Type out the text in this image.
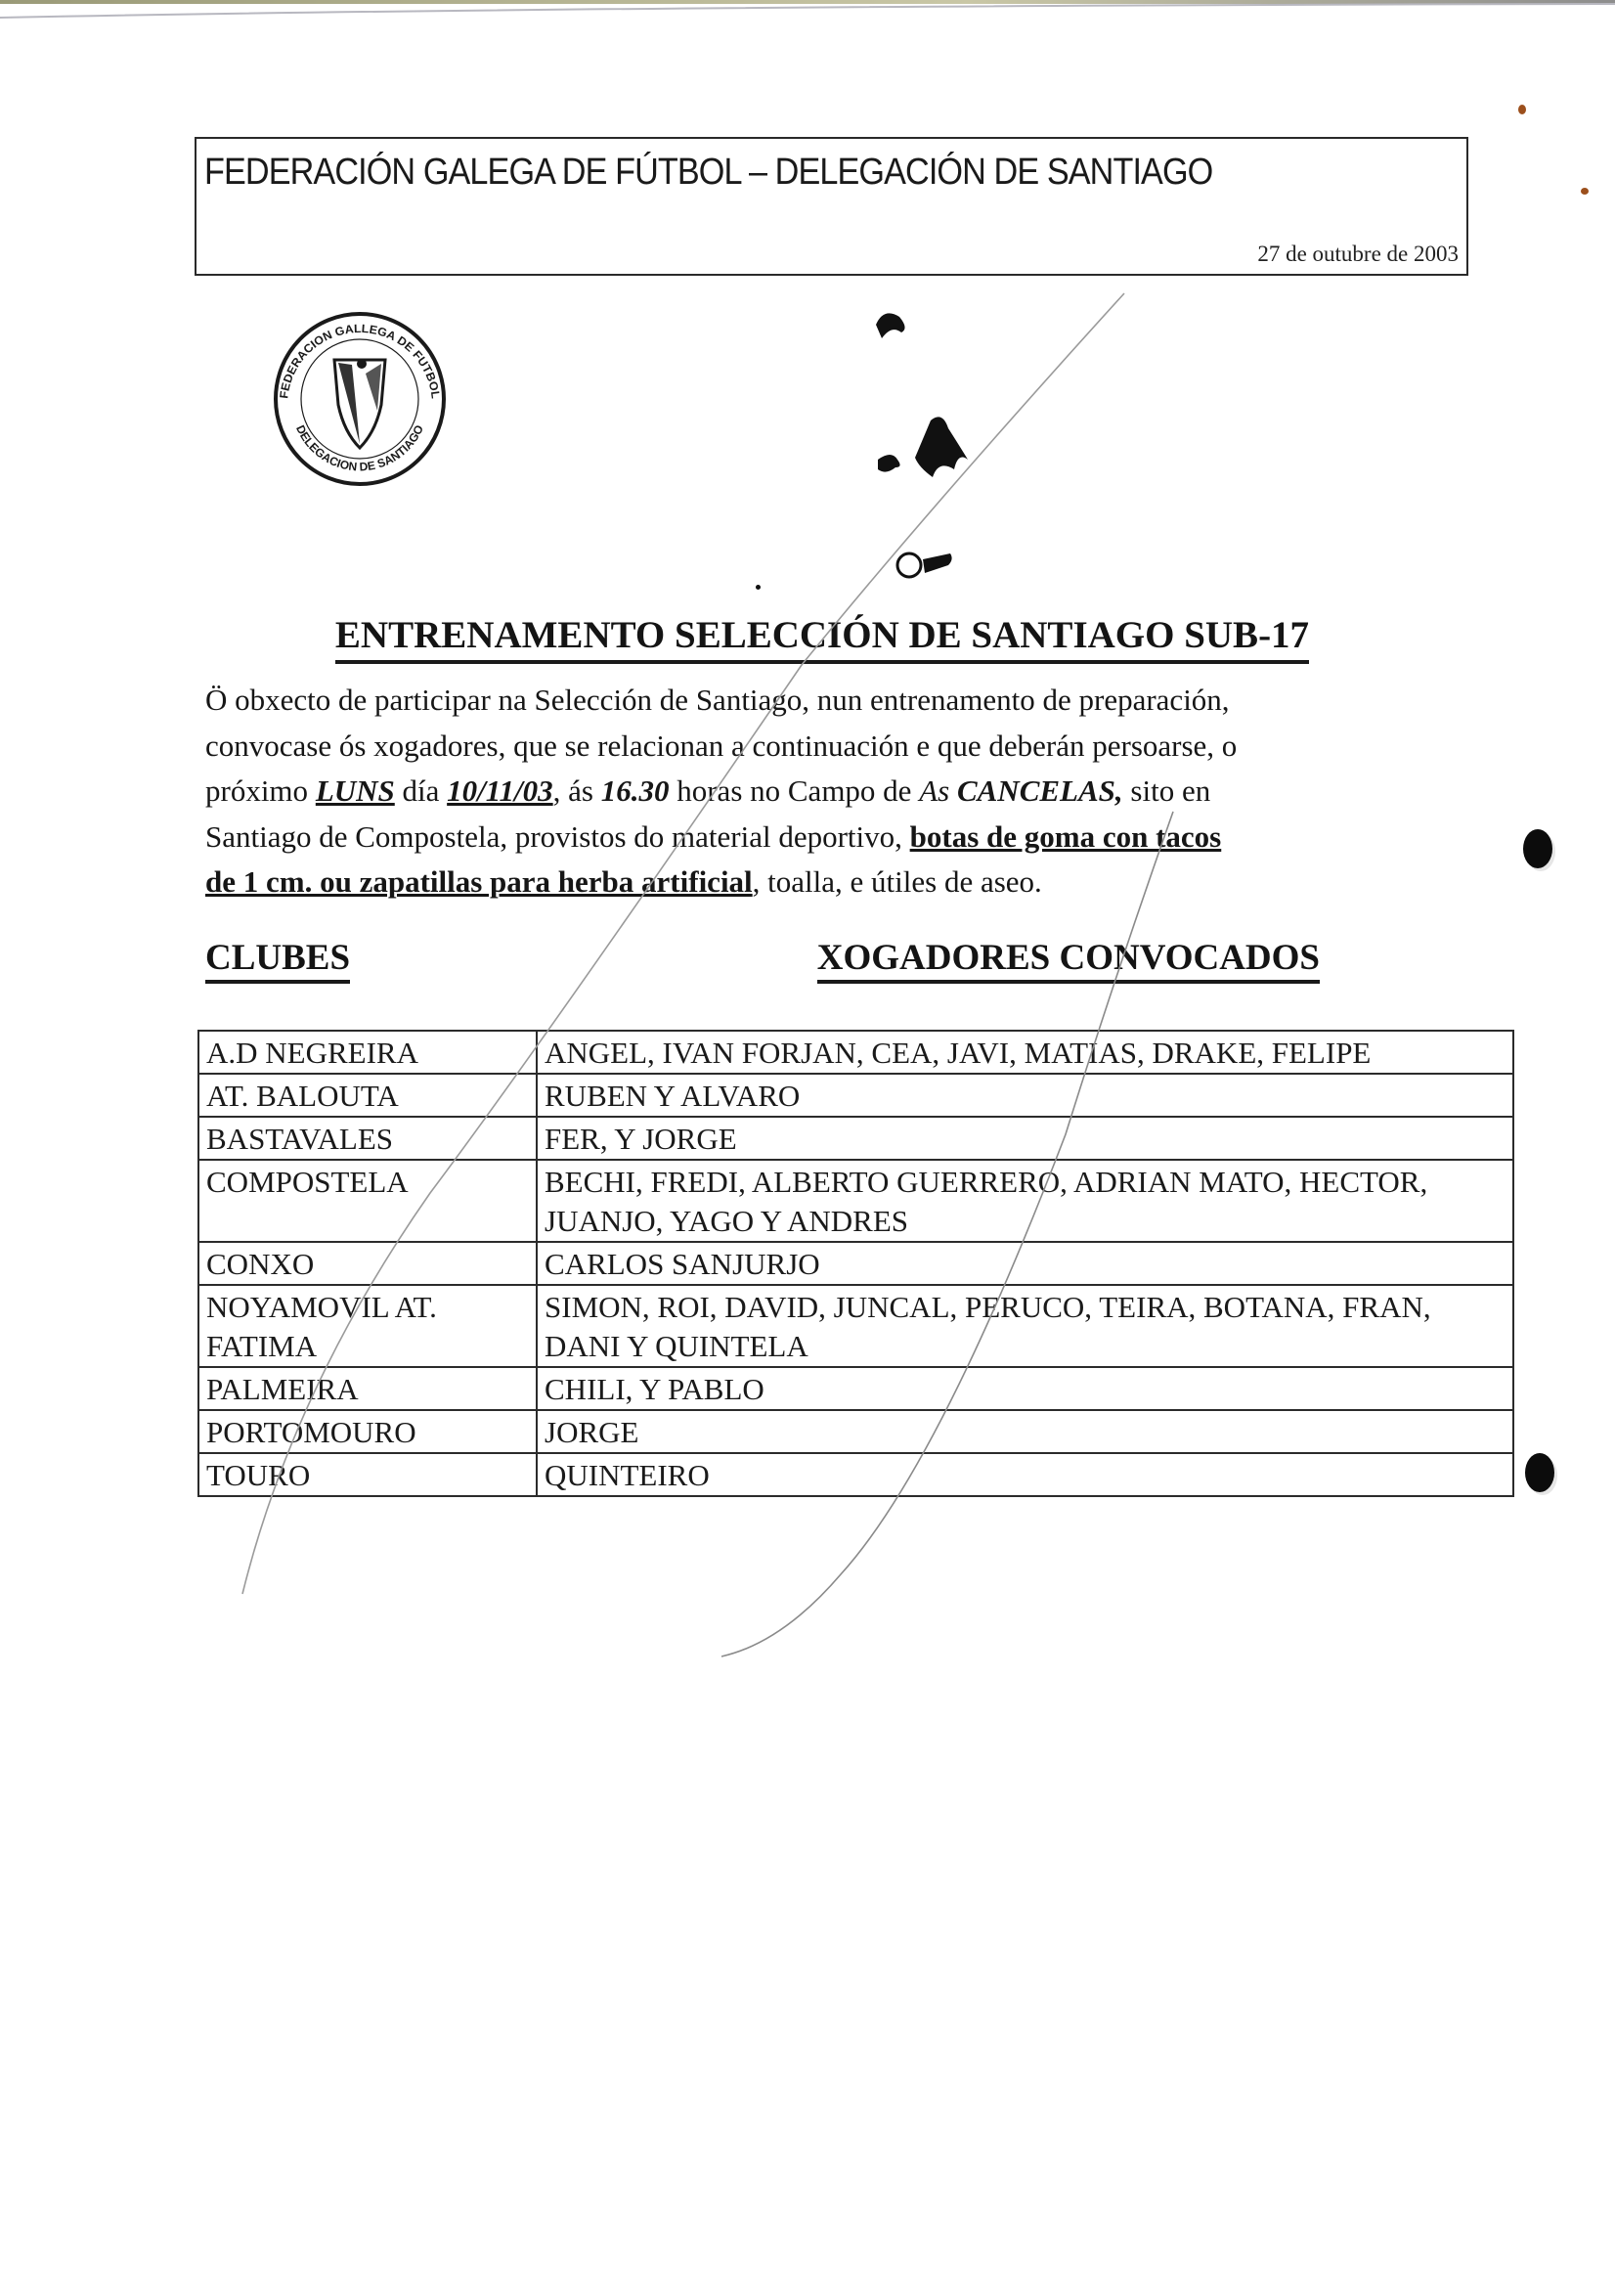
FEDERACIÓN GALEGA DE FÚTBOL – DELEGACIÓN DE SANTIAGO
27 de outubre de 2003
FEDERACION GALLEGA DE FUTBOL
DELEGACION DE SANTIAGO
ENTRENAMENTO SELECCIÓN DE SANTIAGO SUB-17
Ö obxecto de participar na Selección de Santiago, nun entrenamento de preparación,
convocase ós xogadores, que se relacionan a continuación e que deberán persoarse, o
próximo LUNS día 10/11/03, ás 16.30 horas no Campo de As CANCELAS, sito en
Santiago de Compostela, provistos do material deportivo, botas de goma con tacos
de 1 cm. ou zapatillas para herba artificial, toalla, e útiles de aseo.
CLUBES	XOGADORES CONVOCADOS
A.D NEGREIRA	ANGEL, IVAN FORJAN, CEA, JAVI, MATIAS, DRAKE, FELIPE
AT. BALOUTA	RUBEN Y ALVARO
BASTAVALES	FER, Y JORGE
COMPOSTELA	BECHI, FREDI, ALBERTO GUERRERO, ADRIAN MATO, HECTOR, JUANJO, YAGO Y ANDRES
CONXO	CARLOS SANJURJO
NOYAMOVIL AT. FATIMA	SIMON, ROI, DAVID, JUNCAL, PERUCO, TEIRA, BOTANA, FRAN, DANI Y QUINTELA
PALMEIRA	CHILI, Y PABLO
PORTOMOURO	JORGE
TOURO	QUINTEIRO
